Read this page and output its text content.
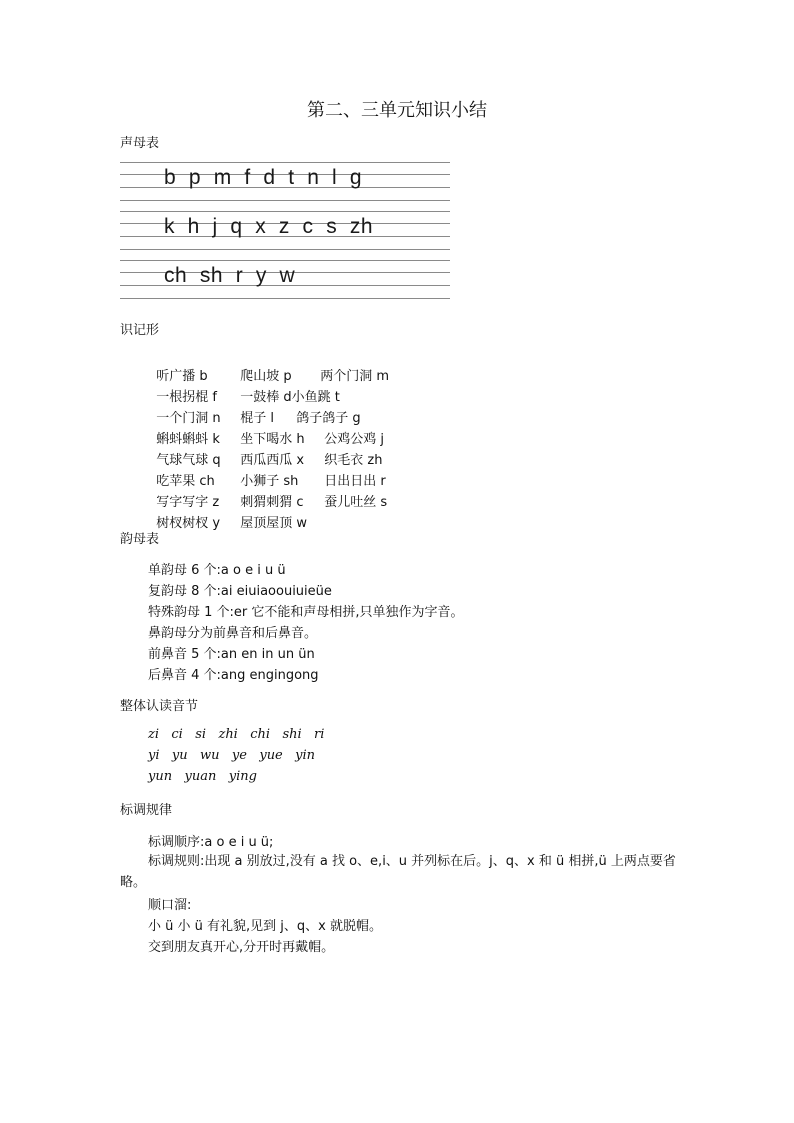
第二、三单元知识小结
声母表
b  p  m  f  d  t  n  l  g
k  h  j  q  x  z  c  s  zh
ch  sh  r  y  w
识记形

听广播 b	爬山坡 p 两个门洞 m

一根拐棍 f 一鼓棒 d小鱼跳 t

一个门洞 n 棍子 l 鸽子鸽子 g

蝌蚪蝌蚪 k 坐下喝水 h 公鸡公鸡 j

气球气球 q 西瓜西瓜 x 织毛衣 zh

吃苹果 ch 小狮子 sh 日出日出 r

写字写字 z 刺猬刺猬 c 蚕儿吐丝 s

树杈树杈 y 屋顶屋顶 w

韵母表
单韵母 6 个:a o e i u ü
复韵母 8 个:ai eiuiaoouiuieüe
特殊韵母 1 个:er 它不能和声母相拼,只单独作为字音。
鼻韵母分为前鼻音和后鼻音。
前鼻音 5 个:an en in un ün
后鼻音 4 个:ang engingong
整体认读音节
zi   ci   si   zhi   chi   shi   ri
yi   yu   wu   ye   yue   yin
yun   yuan   ying
标调规律
标调顺序:a o e i u ü;
标调规则:出现 a 别放过,没有 a 找 o、e,i、u 并列标在后。j、q、x 和 ü 相拼,ü 上两点要省略。
顺口溜:
小 ü 小 ü 有礼貌,见到 j、q、x 就脱帽。
交到朋友真开心,分开时再戴帽。
